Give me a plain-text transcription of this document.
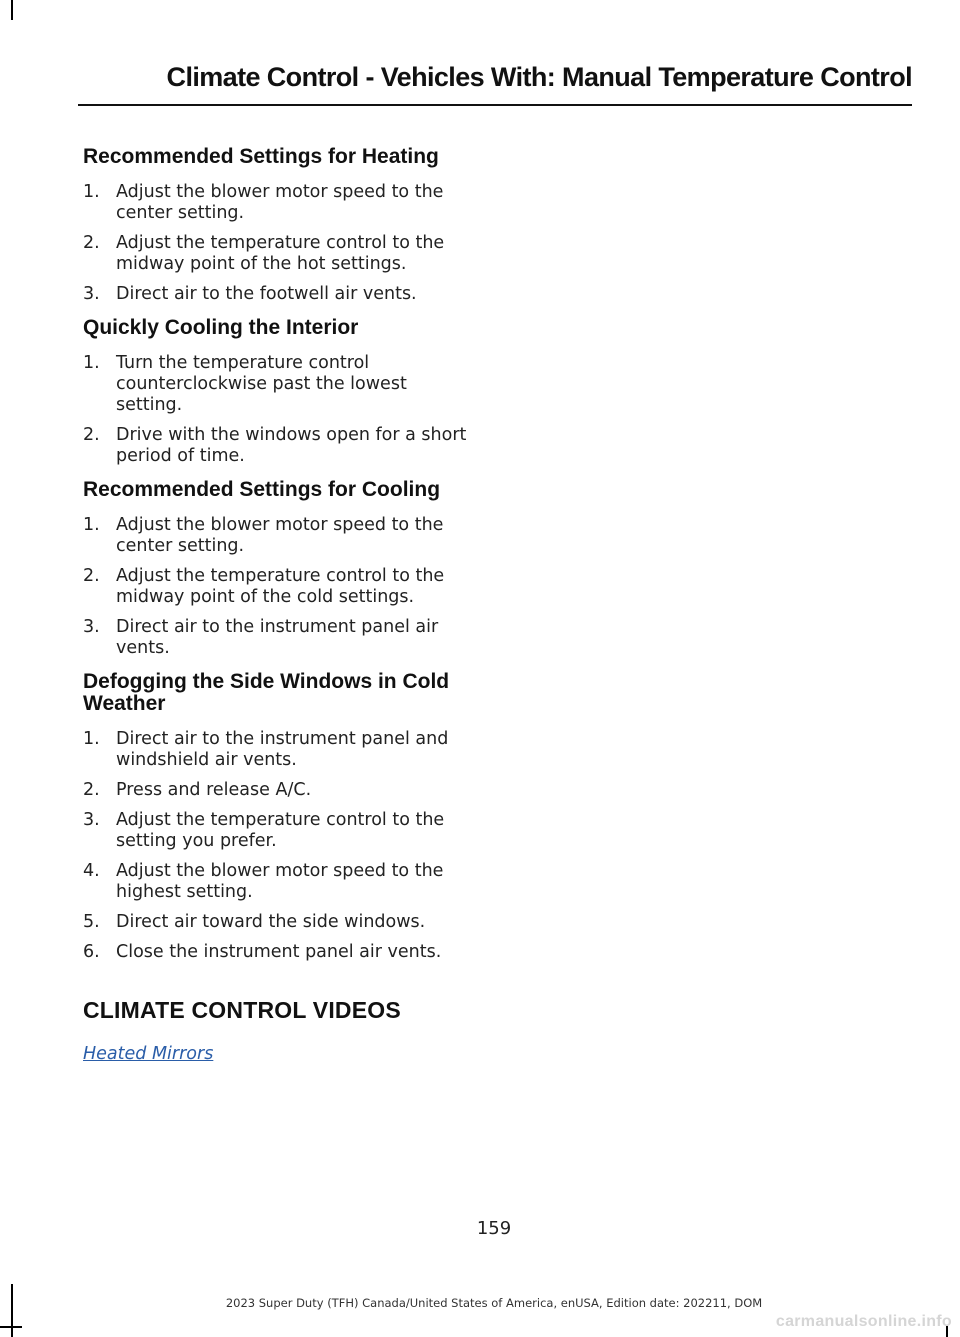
Climate Control - Vehicles With: Manual Temperature Control
Recommended Settings for Heating
1. Adjust the blower motor speed to the center setting.
2. Adjust the temperature control to the midway point of the hot settings.
3. Direct air to the footwell air vents.
Quickly Cooling the Interior
1. Turn the temperature control counterclockwise past the lowest setting.
2. Drive with the windows open for a short period of time.
Recommended Settings for Cooling
1. Adjust the blower motor speed to the center setting.
2. Adjust the temperature control to the midway point of the cold settings.
3. Direct air to the instrument panel air vents.
Defogging the Side Windows in Cold Weather
1. Direct air to the instrument panel and windshield air vents.
2. Press and release A/C.
3. Adjust the temperature control to the setting you prefer.
4. Adjust the blower motor speed to the highest setting.
5. Direct air toward the side windows.
6. Close the instrument panel air vents.
CLIMATE CONTROL VIDEOS
Heated Mirrors
159
2023 Super Duty (TFH) Canada/United States of America, enUSA, Edition date: 202211, DOM
carmanualsonline.info
